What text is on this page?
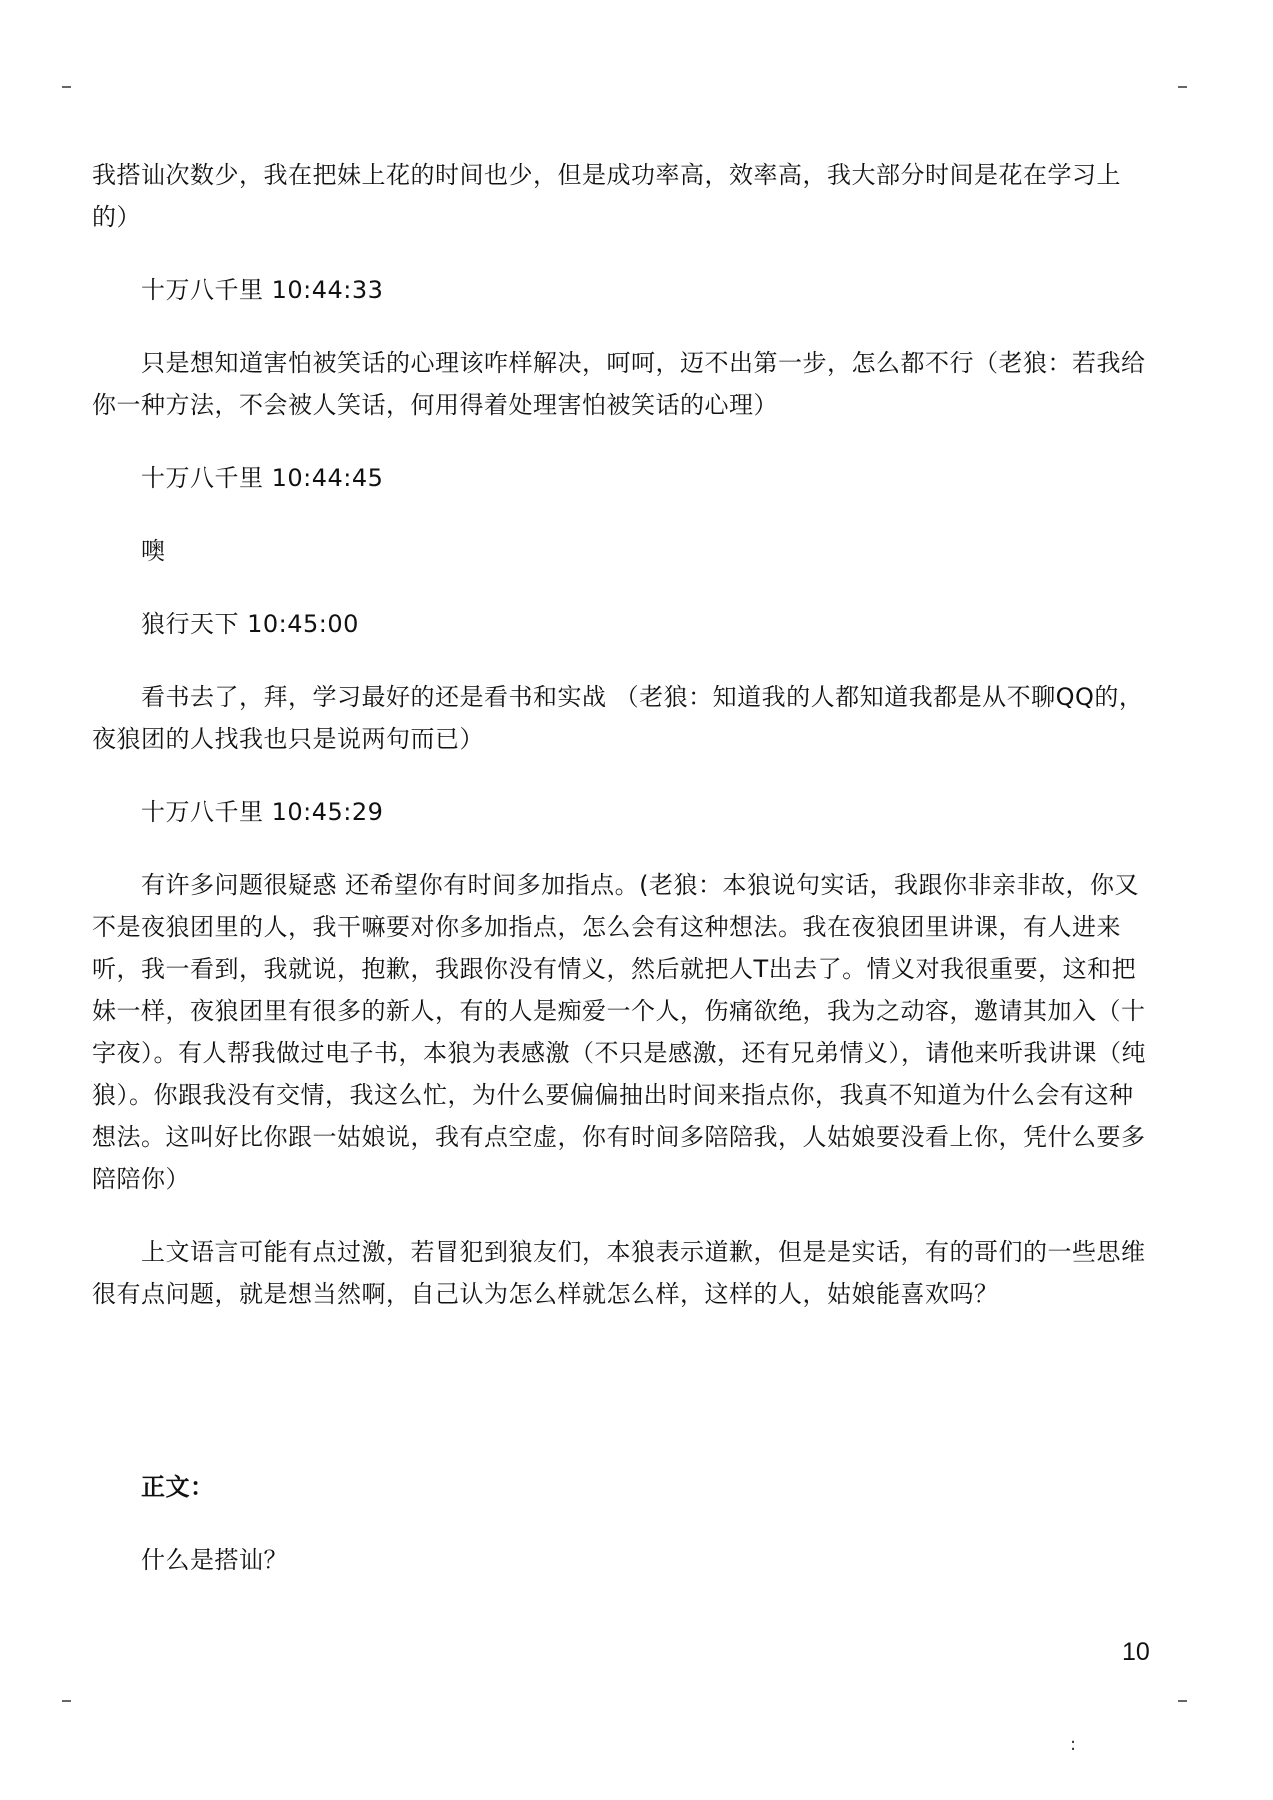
我搭讪次数少，我在把妹上花的时间也少，但是成功率高，效率高，我大部分时间是花在学习上的）

十万八千里 10:44:33

只是想知道害怕被笑话的心理该咋样解决，呵呵，迈不出第一步，怎么都不行（老狼：若我给你一种方法，不会被人笑话，何用得着处理害怕被笑话的心理）

十万八千里 10:44:45

噢

狼行天下 10:45:00

看书去了，拜，学习最好的还是看书和实战 （老狼：知道我的人都知道我都是从不聊QQ的，夜狼团的人找我也只是说两句而已）

十万八千里 10:45:29

有许多问题很疑惑 还希望你有时间多加指点。(老狼：本狼说句实话，我跟你非亲非故，你又不是夜狼团里的人，我干嘛要对你多加指点，怎么会有这种想法。我在夜狼团里讲课，有人进来听，我一看到，我就说，抱歉，我跟你没有情义，然后就把人T出去了。情义对我很重要，这和把妹一样，夜狼团里有很多的新人，有的人是痴爱一个人，伤痛欲绝，我为之动容，邀请其加入（十字夜）。有人帮我做过电子书，本狼为表感激（不只是感激，还有兄弟情义），请他来听我讲课（纯狼）。你跟我没有交情，我这么忙，为什么要偏偏抽出时间来指点你，我真不知道为什么会有这种想法。这叫好比你跟一姑娘说，我有点空虚，你有时间多陪陪我，人姑娘要没看上你，凭什么要多陪陪你）

上文语言可能有点过激，若冒犯到狼友们，本狼表示道歉，但是是实话，有的哥们的一些思维很有点问题，就是想当然啊，自己认为怎么样就怎么样，这样的人，姑娘能喜欢吗？

正文：

什么是搭讪？

10
:
